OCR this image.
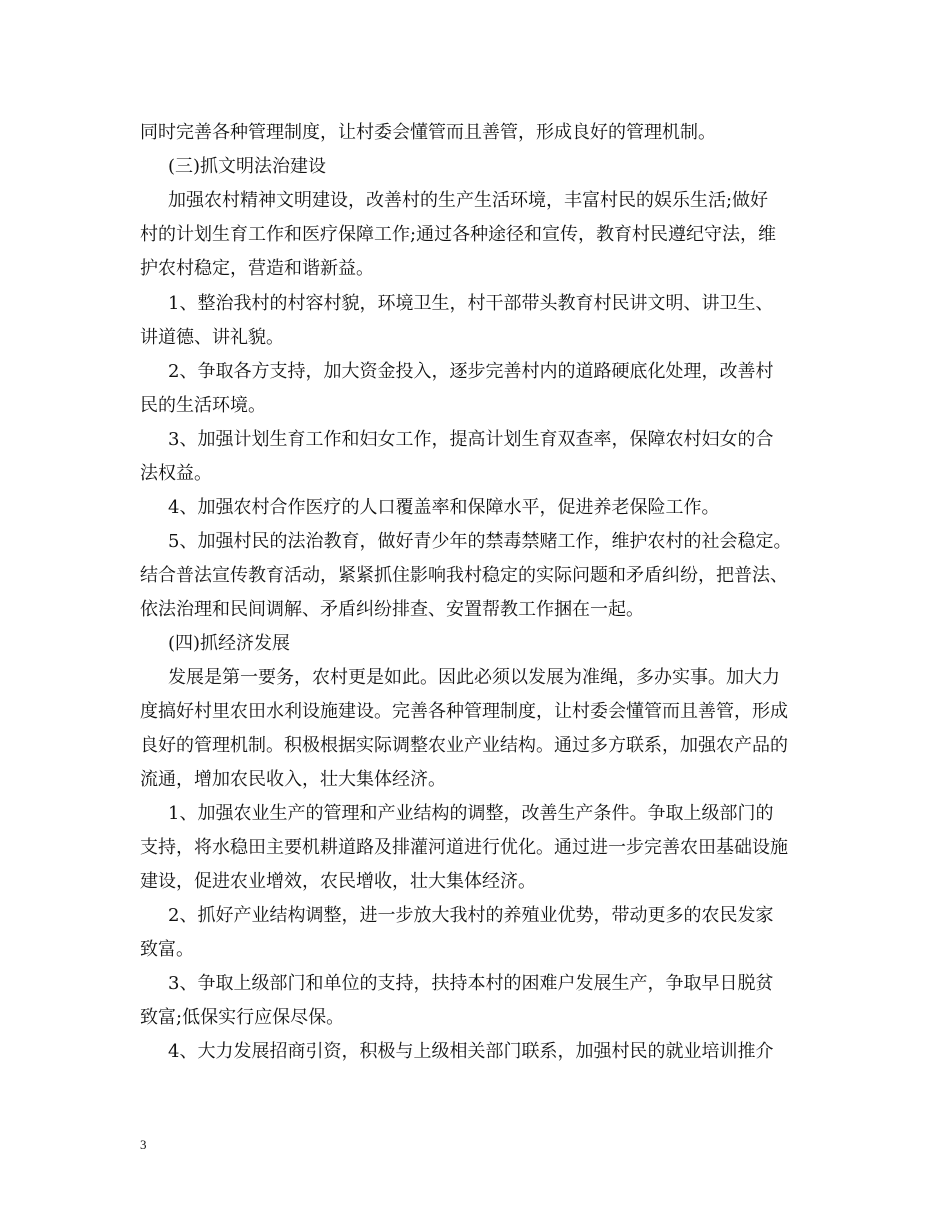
同时完善各种管理制度，让村委会懂管而且善管，形成良好的管理机制。
(三)抓文明法治建设
加强农村精神文明建设，改善村的生产生活环境，丰富村民的娱乐生活;做好
村的计划生育工作和医疗保障工作;通过各种途径和宣传，教育村民遵纪守法，维
护农村稳定，营造和谐新益。
1、整治我村的村容村貌，环境卫生，村干部带头教育村民讲文明、讲卫生、
讲道德、讲礼貌。
2、争取各方支持，加大资金投入，逐步完善村内的道路硬底化处理，改善村
民的生活环境。
3、加强计划生育工作和妇女工作，提高计划生育双查率，保障农村妇女的合
法权益。
4、加强农村合作医疗的人口覆盖率和保障水平，促进养老保险工作。
5、加强村民的法治教育，做好青少年的禁毒禁赌工作，维护农村的社会稳定。
结合普法宣传教育活动，紧紧抓住影响我村稳定的实际问题和矛盾纠纷，把普法、
依法治理和民间调解、矛盾纠纷排查、安置帮教工作捆在一起。
(四)抓经济发展
发展是第一要务，农村更是如此。因此必须以发展为准绳，多办实事。加大力
度搞好村里农田水利设施建设。完善各种管理制度，让村委会懂管而且善管，形成
良好的管理机制。积极根据实际调整农业产业结构。通过多方联系，加强农产品的
流通，增加农民收入，壮大集体经济。
1、加强农业生产的管理和产业结构的调整，改善生产条件。争取上级部门的
支持，将水稳田主要机耕道路及排灌河道进行优化。通过进一步完善农田基础设施
建设，促进农业增效，农民增收，壮大集体经济。
2、抓好产业结构调整，进一步放大我村的养殖业优势，带动更多的农民发家
致富。
3、争取上级部门和单位的支持，扶持本村的困难户发展生产，争取早日脱贫
致富;低保实行应保尽保。
4、大力发展招商引资，积极与上级相关部门联系，加强村民的就业培训推介
3
